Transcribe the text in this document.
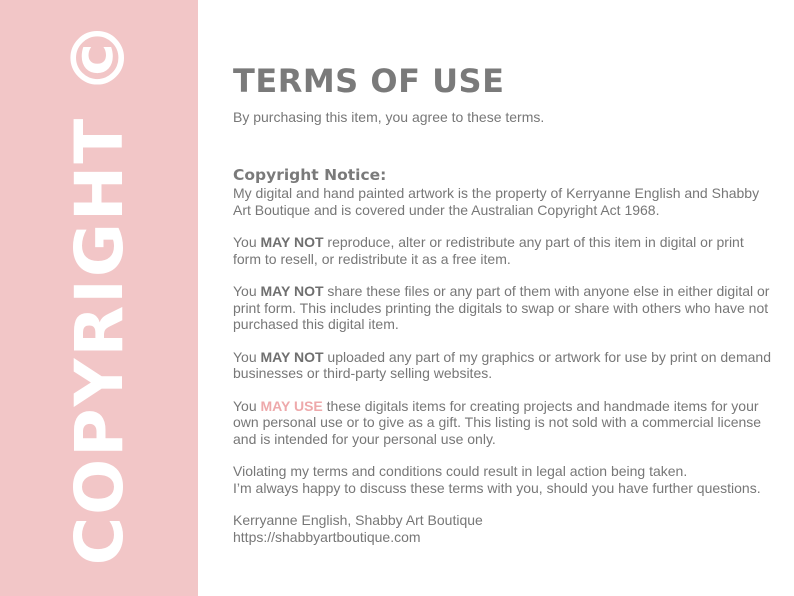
COPYRIGHT©	TERMS OF USE

By purchasing this item, you agree to these terms.

Copyright Notice:

My digital and hand painted artwork is the property of Kerryanne English and Shabby Art Boutique and is covered under the Australian Copyright Act 1968.

You MAY NOT reproduce, alter or redistribute any part of this item in digital or print form to resell, or redistribute it as a free item.

You MAY NOT share these files or any part of them with anyone else in either digital or print form. This includes printing the digitals to swap or share with others who have not purchased this digital item.

You MAY NOT uploaded any part of my graphics or artwork for use by print on demand businesses or third-party selling websites.

You MAY USE these digitals items for creating projects and handmade items for your own personal use or to give as a gift. This listing is not sold with a commercial license and is intended for your personal use only.

Violating my terms and conditions could result in legal action being taken.
I’m always happy to discuss these terms with you, should you have further questions.

Kerryanne English, Shabby Art Boutique
https://shabbyartboutique.com
